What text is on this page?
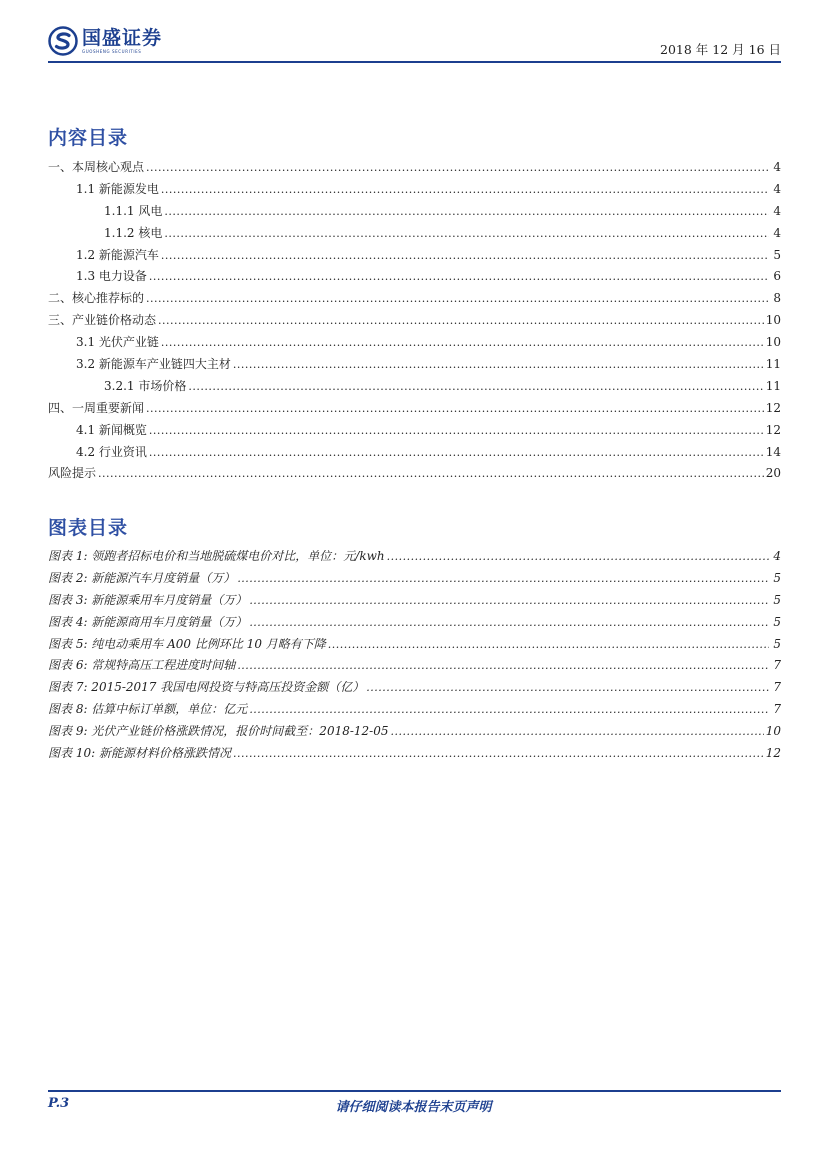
国盛证券
GUOSHENG SECURITIES	2018 年 12 月 16 日
内容目录
一、本周核心观点 .....	4
1.1 新能源发电 .....	4
1.1.1 风电 .....	4
1.1.2 核电 .....	4
1.2 新能源汽车 .....	5
1.3 电力设备 .....	6
二、核心推荐标的 .....	8
三、产业链价格动态 .....	10
3.1 光伏产业链 .....	10
3.2 新能源车产业链四大主材 .....	11
3.2.1 市场价格 .....	11
四、一周重要新闻 .....	12
4.1 新闻概览 .....	12
4.2 行业资讯 .....	14
风险提示 .....	20
图表目录
图表 1: 领跑者招标电价和当地脱硫煤电价对比，单位：元/kwh .....	4
图表 2: 新能源汽车月度销量（万） .....	5
图表 3: 新能源乘用车月度销量（万） .....	5
图表 4: 新能源商用车月度销量（万） .....	5
图表 5: 纯电动乘用车 A00 比例环比 10 月略有下降 .....	5
图表 6: 常规特高压工程进度时间轴 .....	7
图表 7: 2015-2017 我国电网投资与特高压投资金额（亿） .....	7
图表 8: 估算中标订单额，单位：亿元 .....	7
图表 9: 光伏产业链价格涨跌情况，报价时间截至：2018-12-05 .....	10
图表 10: 新能源材料价格涨跌情况 .....	12
请仔细阅读本报告末页声明
P.3
